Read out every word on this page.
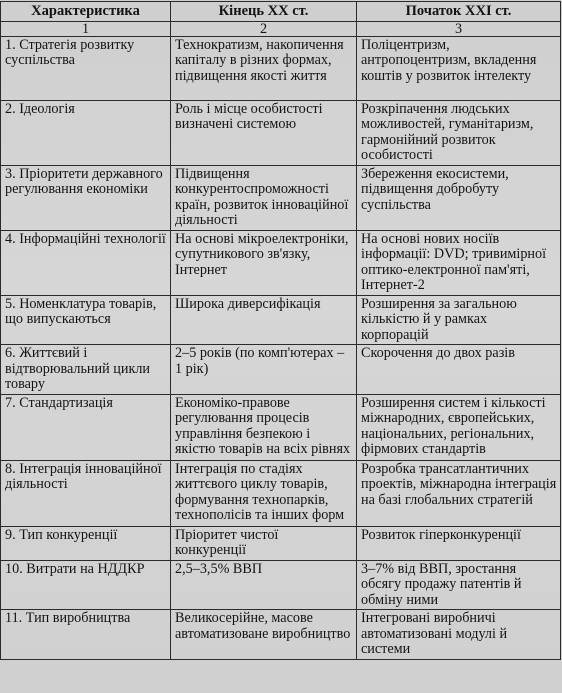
Характеристика	Кінець ХХ ст.	Початок ХХІ ст.
1	2	3
1. Стратегія розвитку суспільства	Технократизм, накопичення капіталу в різних формах, підвищення якості життя	Поліцентризм, антропоцентризм, вкладення коштів у розвиток інтелекту
2. Ідеологія	Роль і місце особистості визначені системою	Розкріпачення людських можливостей, гуманітаризм, гармонійний розвиток особистості
3. Пріоритети державного регулювання економіки	Підвищення конкурентоспроможності країн, розвиток інноваційної діяльності	Збереження екосистеми, підвищення добробуту суспільства
4. Інформаційні технології	На основі мікроелектроніки, супутникового зв'язку, Інтернет	На основі нових носіїв інформації: DVD; тривимірної оптико-електронної пам'яті, Інтернет-2
5. Номенклатура товарів, що випускаються	Широка диверсифікація	Розширення за загальною кількістю й у рамках корпорацій
6. Життєвий і відтворювальний цикли товару	2–5 років (по комп'ютерах – 1 рік)	Скорочення до двох разів
7. Стандартизація	Економіко-правове регулювання процесів управління безпекою і якістю товарів на всіх рівнях	Розширення систем і кількості міжнародних, європейських, національних, регіональних, фірмових стандартів
8. Інтеграція інноваційної діяльності	Інтеграція по стадіях життєвого циклу товарів, формування технопарків, технополісів та інших форм	Розробка трансатлантичних проектів, міжнародна інтеграція на базі глобальних стратегій
9. Тип конкуренції	Пріоритет чистої конкуренції	Розвиток гіперконкуренції
10. Витрати на НДДКР	2,5–3,5% ВВП	3–7% від ВВП, зростання обсягу продажу патентів й обміну ними
11. Тип виробництва	Великосерійне, масове автоматизоване виробництво	Інтегровані виробничі автоматизовані модулі й системи
